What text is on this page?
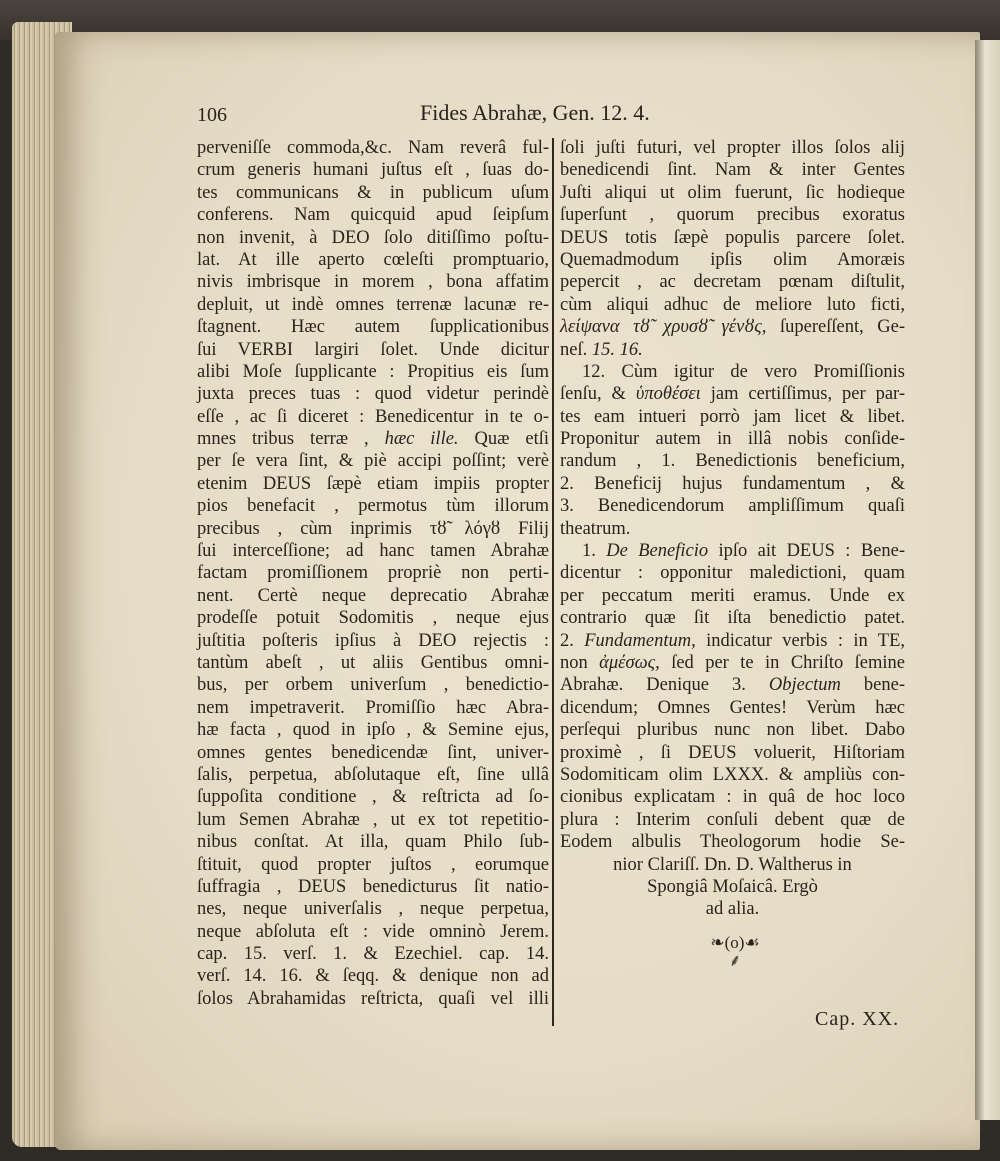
106	Fides Abrahæ, Gen. 12. 4.
perveniſſe commoda,&c. Nam reverâ ful-
crum generis humani juſtus eſt , ſuas do-
tes communicans & in publicum uſum
conferens. Nam quicquid apud ſeipſum
non invenit, à DEO ſolo ditiſſimo poſtu-
lat. At ille aperto cœleſti promptuario,
nivis imbrisque in morem , bona affatim
depluit, ut indè omnes terrenæ lacunæ re-
ſtagnent. Hæc autem ſupplicationibus
ſui VERBI largiri ſolet. Unde dicitur
alibi Moſe ſupplicante : Propitius eis ſum
juxta preces tuas : quod videtur perindè
eſſe , ac ſi diceret : Benedicentur in te o-
mnes tribus terræ , hæc ille. Quæ etſi
per ſe vera ſint, & piè accipi poſſint; verè
etenim DEUS ſæpè etiam impiis propter
pios benefacit , permotus tùm illorum
precibus , cùm inprimis τȣ̃ λόγȣ Filij
ſui interceſſione; ad hanc tamen Abrahæ
factam promiſſionem propriè non perti-
nent. Certè neque deprecatio Abrahæ
prodeſſe potuit Sodomitis , neque ejus
juſtitia poſteris ipſius à DEO rejectis :
tantùm abeſt , ut aliis Gentibus omni-
bus, per orbem univerſum , benedictio-
nem impetraverit. Promiſſio hæc Abra-
hæ facta , quod in ipſo , & Semine ejus,
omnes gentes benedicendæ ſint, univer-
ſalis, perpetua, abſolutaque eſt, ſine ullâ
ſuppoſita conditione , & reſtricta ad ſo-
lum Semen Abrahæ , ut ex tot repetitio-
nibus conſtat. At illa, quam Philo ſub-
ſtituit, quod propter juſtos , eorumque
ſuffragia , DEUS benedicturus ſit natio-
nes, neque univerſalis , neque perpetua,
neque abſoluta eſt : vide omninò Jerem.
cap. 15. verſ. 1. & Ezechiel. cap. 14.
verſ. 14. 16. & ſeqq. & denique non ad
ſolos Abrahamidas reſtricta, quaſi vel illi
ſoli juſti futuri, vel propter illos ſolos alij
benedicendi ſint. Nam & inter Gentes
Juſti aliqui ut olim fuerunt, ſic hodieque
ſuperſunt , quorum precibus exoratus
DEUS totis ſæpè populis parcere ſolet.
Quemadmodum ipſis olim Amoræis
pepercit , ac decretam pœnam diſtulit,
cùm aliqui adhuc de meliore luto ficti,
λείψανα τȣ̃ χρυσȣ̃ γένȣς, ſupereſſent, Ge-
neſ. 15. 16.
12. Cùm igitur de vero Promiſſionis
ſenſu, & ὑποθέσει jam certiſſimus, per par-
tes eam intueri porrò jam licet & libet.
Proponitur autem in illâ nobis conſide-
randum , 1. Benedictionis beneficium,
2. Beneficij hujus fundamentum , &
3. Benedicendorum ampliſſimum quaſi
theatrum.
1. De Beneficio ipſo ait DEUS : Bene-
dicentur : opponitur maledictioni, quam
per peccatum meriti eramus. Unde ex
contrario quæ ſit iſta benedictio patet.
2. Fundamentum, indicatur verbis : in TE,
non ἀμέσως, ſed per te in Chriſto ſemine
Abrahæ. Denique 3. Objectum bene-
dicendum; Omnes Gentes! Verùm hæc
perſequi pluribus nunc non libet. Dabo
proximè , ſi DEUS voluerit, Hiſtoriam
Sodomiticam olim LXXX. & ampliùs con-
cionibus explicatam : in quâ de hoc loco
plura : Interim conſuli debent quæ de
Eodem albulis Theologorum hodie Se-
nior Clariſſ. Dn. D. Waltherus in
Spongiâ Moſaicâ. Ergò
ad alia.
❧(o)☙
⸙
Cap. XX.
